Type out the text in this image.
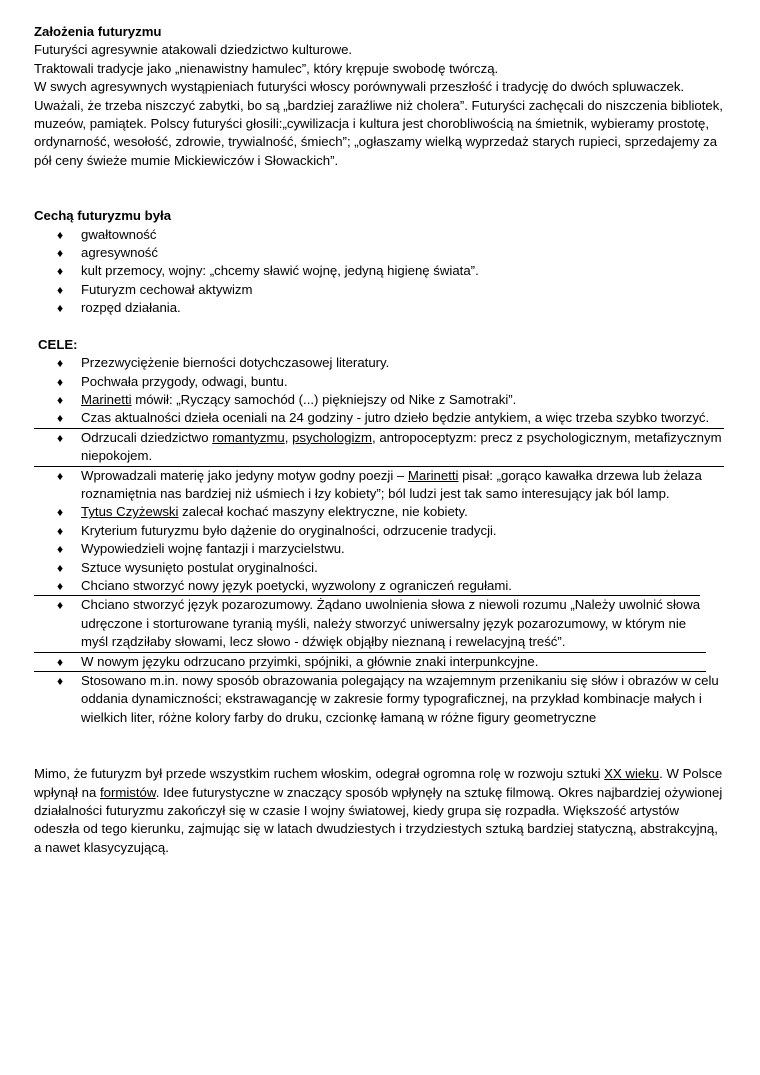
Założenia futuryzmu

Futuryści agresywnie atakowali dziedzictwo kulturowe.

Traktowali tradycje jako „nienawistny hamulec”, który krępuje swobodę twórczą.

W swych agresywnych wystąpieniach futuryści włoscy porównywali przeszłość i tradycję do dwóch spluwaczek. Uważali, że trzeba niszczyć zabytki, bo są „bardziej zaraźliwe niż cholera”. Futuryści zachęcali do niszczenia bibliotek, muzeów, pamiątek. Polscy futuryści głosili:„cywilizacja i kultura jest chorobliwością na śmietnik, wybieramy prostotę, ordynarność, wesołość, zdrowie, trywialność, śmiech”; „ogłaszamy wielką wyprzedaż starych rupieci, sprzedajemy za pół ceny świeże mumie Mickiewiczów i Słowackich”.

Cechą futuryzmu była

♦ gwałtowność
♦ agresywność
♦ kult przemocy, wojny: „chcemy sławić wojnę, jedyną higienę świata”.
♦ Futuryzm cechował aktywizm
♦ rozpęd działania.

CELE:

♦ Przezwyciężenie bierności dotychczasowej literatury.
♦ Pochwała przygody, odwagi, buntu.
♦ Marinetti mówił: „Ryczący samochód (...) piękniejszy od Nike z Samotraki”.
♦ Czas aktualności dzieła oceniali na 24 godziny - jutro dzieło będzie antykiem, a więc trzeba szybko tworzyć.
♦ Odrzucali dziedzictwo romantyzmu, psychologizm, antropoceptyzm: precz z psychologicznym, metafizycznym niepokojem.
♦ Wprowadzali materię jako jedyny motyw godny poezji – Marinetti pisał: „gorąco kawałka drzewa lub żelaza roznamiętnia nas bardziej niż uśmiech i łzy kobiety”; ból ludzi jest tak samo interesujący jak ból lamp.
♦ Tytus Czyżewski zalecał kochać maszyny elektryczne, nie kobiety.
♦ Kryterium futuryzmu było dążenie do oryginalności, odrzucenie tradycji.
♦ Wypowiedzieli wojnę fantazji i marzycielstwu.
♦ Sztuce wysunięto postulat oryginalności.
♦ Chciano stworzyć nowy język poetycki, wyzwolony z ograniczeń regułami.
♦ Chciano stworzyć język pozarozumowy. Żądano uwolnienia słowa z niewoli rozumu „Należy uwolnić słowa udręczone i storturowane tyranią myśli, należy stworzyć uniwersalny język pozarozumowy, w którym nie myśl rządziłaby słowami, lecz słowo - dźwięk objąłby nieznaną i rewelacyjną treść”.
♦ W nowym języku odrzucano przyimki, spójniki, a głównie znaki interpunkcyjne.
♦ Stosowano m.in. nowy sposób obrazowania polegający na wzajemnym przenikaniu się słów i obrazów w celu oddania dynamiczności; ekstrawagancję w zakresie formy typograficznej, na przykład kombinacje małych i wielkich liter, różne kolory farby do druku, czcionkę łamaną w różne figury geometryczne

Mimo, że futuryzm był przede wszystkim ruchem włoskim, odegrał ogromna rolę w rozwoju sztuki XX wieku. W Polsce wpłynął na formistów. Idee futurystyczne w znaczący sposób wpłynęły na sztukę filmową. Okres najbardziej ożywionej działalności futuryzmu zakończył się w czasie I wojny światowej, kiedy grupa się rozpadła. Większość artystów odeszła od tego kierunku, zajmując się w latach dwudziestych i trzydziestych sztuką bardziej statyczną, abstrakcyjną, a nawet klasycyzującą.
